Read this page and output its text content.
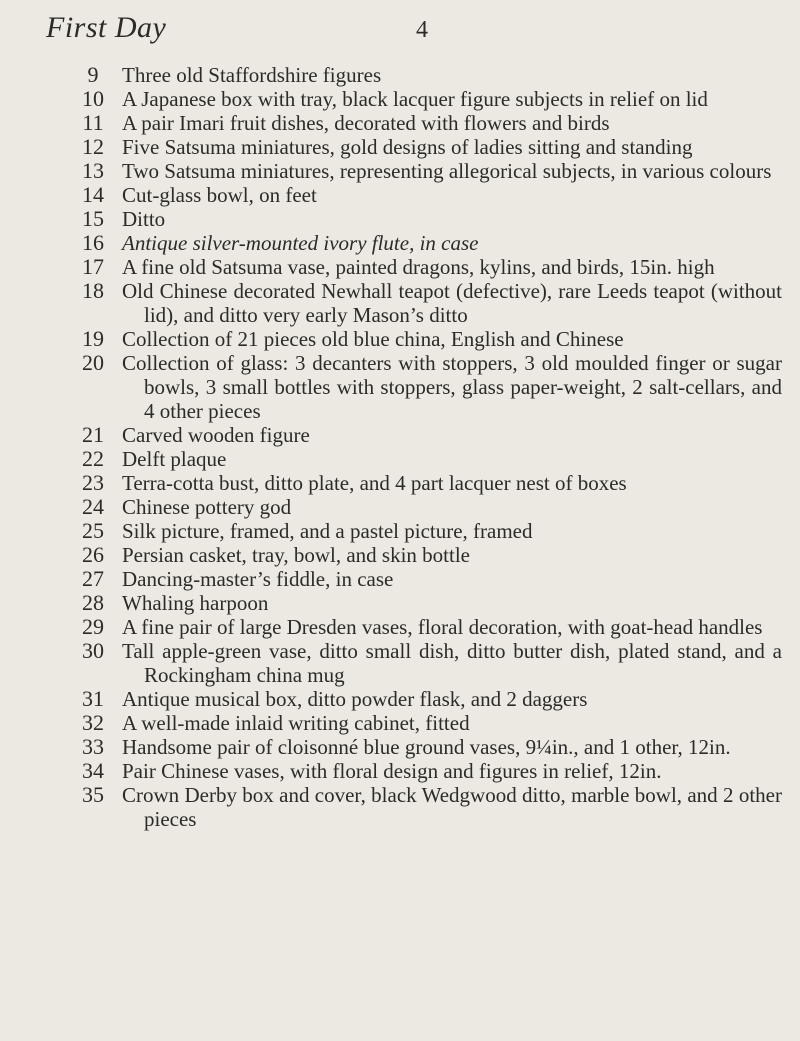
First Day	4
9	Three old Staffordshire figures
10 A Japanese box with tray, black lacquer figure subjects in relief on lid
11 A pair Imari fruit dishes, decorated with flowers and birds
12 Five Satsuma miniatures, gold designs of ladies sitting and standing
13 Two Satsuma miniatures, representing allegorical subjects, in various colours
14 Cut-glass bowl, on feet
15 Ditto
16 Antique silver-mounted ivory flute, in case
17 A fine old Satsuma vase, painted dragons, kylins, and birds, 15in. high
18 Old Chinese decorated Newhall teapot (defective), rare Leeds teapot (without lid), and ditto very early Mason’s ditto
19 Collection of 21 pieces old blue china, English and Chinese
20 Collection of glass: 3 decanters with stoppers, 3 old moulded finger or sugar bowls, 3 small bottles with stoppers, glass paper-weight, 2 salt-cellars, and 4 other pieces
21 Carved wooden figure
22 Delft plaque
23 Terra-cotta bust, ditto plate, and 4 part lacquer nest of boxes
24 Chinese pottery god
25 Silk picture, framed, and a pastel picture, framed
26 Persian casket, tray, bowl, and skin bottle
27 Dancing-master’s fiddle, in case
28 Whaling harpoon
29 A fine pair of large Dresden vases, floral decoration, with goat-head handles
30 Tall apple-green vase, ditto small dish, ditto butter dish, plated stand, and a Rockingham china mug
31 Antique musical box, ditto powder flask, and 2 daggers
32 A well-made inlaid writing cabinet, fitted
33 Handsome pair of cloisonné blue ground vases, 9¼in., and 1 other, 12in.
34 Pair Chinese vases, with floral design and figures in relief, 12in.
35 Crown Derby box and cover, black Wedgwood ditto, marble bowl, and 2 other pieces
